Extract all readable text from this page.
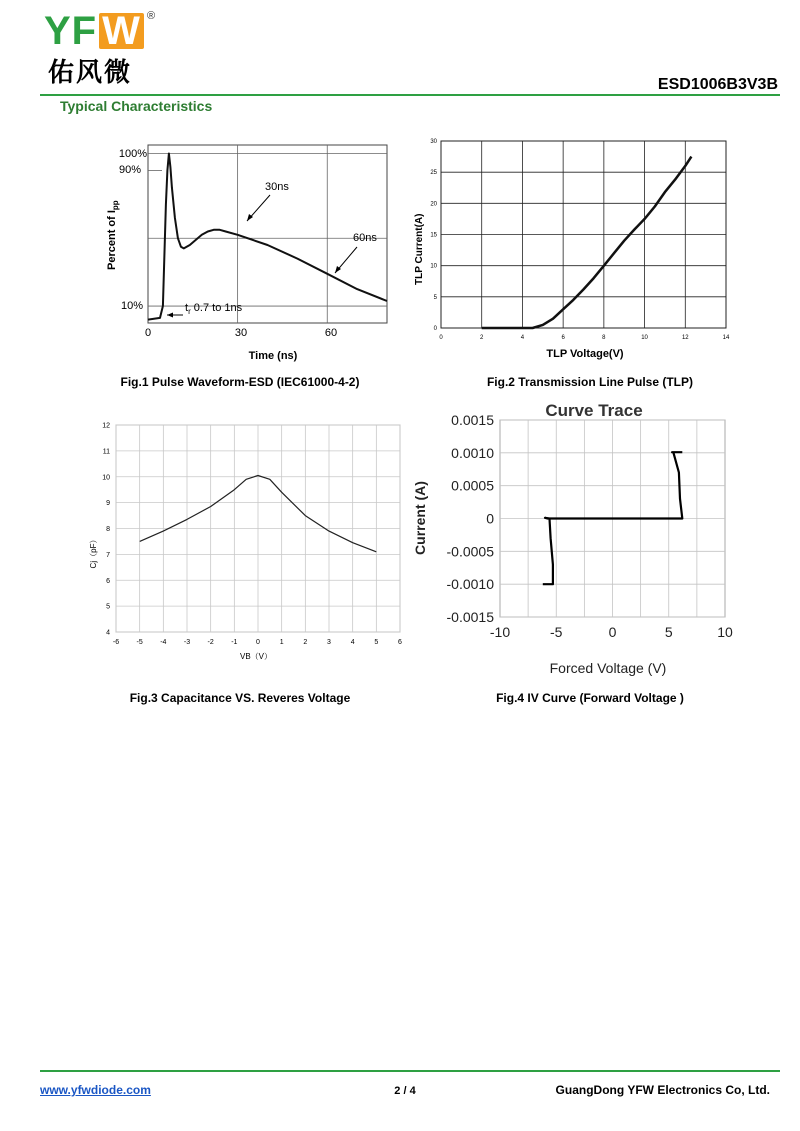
YF W ®
佑风微	ESD1006B3V3B
Typical Characteristics
100%
90%
10%
0	30	60
Time (ns)
Percent of $I_{pp}$
30ns
60ns
$t_r$ 0.7 to 1ns
0	2	4	6	8	10	12	14
0
5
10
15
20
25
30
TLP Voltage(V)
TLP Current(A)
Fig.1 Pulse Waveform-ESD (IEC61000-4-2)	Fig.2 Transmission Line Pulse (TLP)
-6 -5 -4 -3 -2 -1	0	1	2	3	4	5	6
4
5
6
7
8
9
10
11
12
VB（V）
Cj（pF）
-10	-5	0	5	10
0.0015
0.0010
0.0005
0
-0.0005
-0.0010
-0.0015
Curve Trace
Forced Voltage (V)
Current (A)
Fig.3 Capacitance VS. Reveres Voltage	Fig.4 IV Curve (Forward Voltage )
www.yfwdiode.com	2 / 4	GuangDong YFW Electronics Co, Ltd.
